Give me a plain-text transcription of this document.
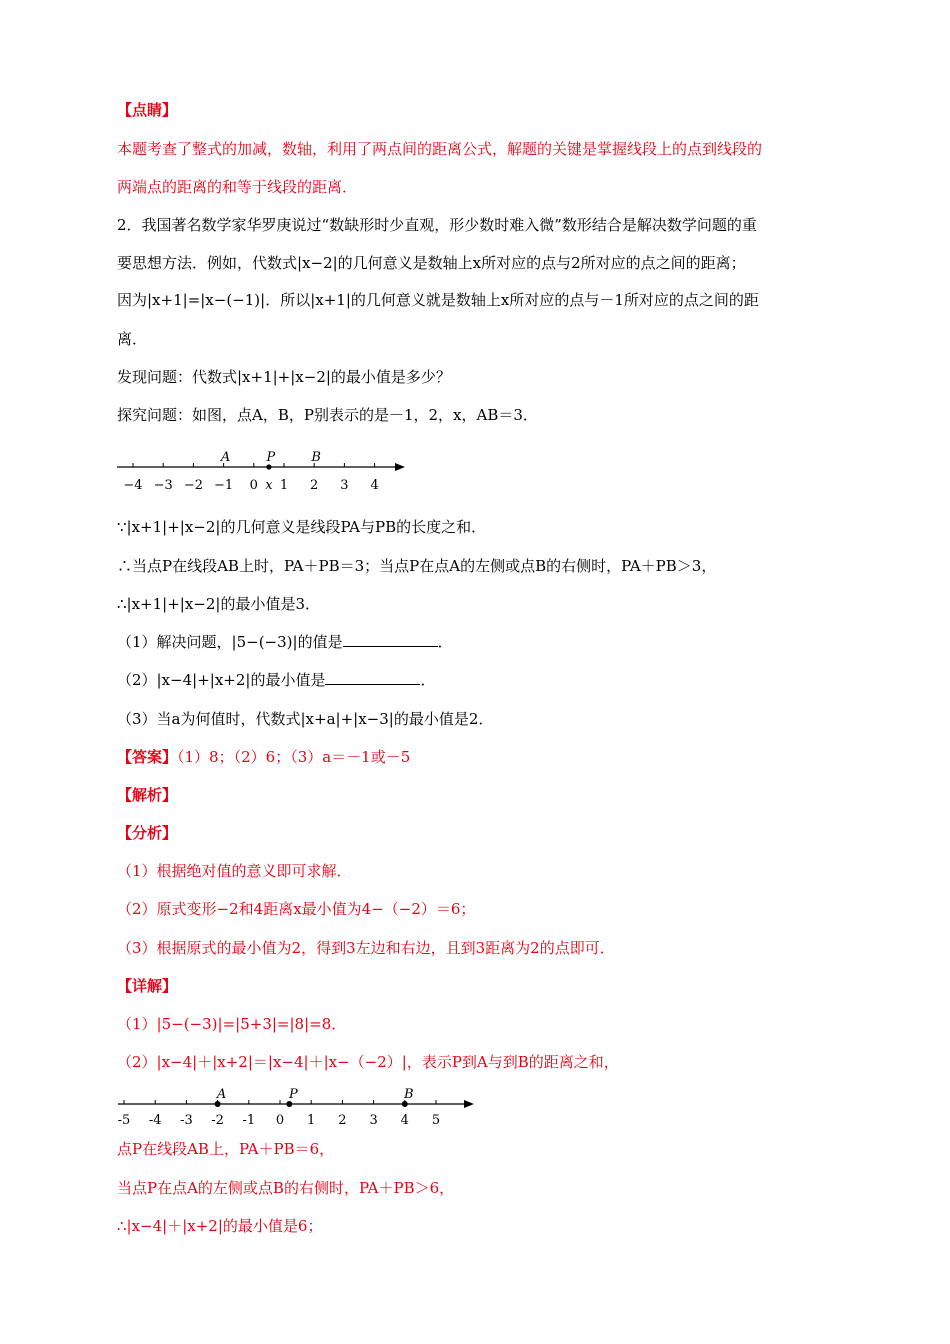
【点睛】
本题考查了整式的加减，数轴，利用了两点间的距离公式，解题的关键是掌握线段上的点到线段的
两端点的距离的和等于线段的距离．
2．我国著名数学家华罗庚说过“数缺形时少直观，形少数时难入微”数形结合是解决数学问题的重
要思想方法．例如，代数式|x−2|的几何意义是数轴上x所对应的点与2所对应的点之间的距离；
因为|x+1|=|x−(−1)|．所以|x+1|的几何意义就是数轴上x所对应的点与－1所对应的点之间的距
离．
发现问题：代数式|x+1|+|x−2|的最小值是多少？
探究问题：如图，点A，B，P别表示的是－1，2，x，AB＝3．
−4 −3 −2 −1 0 1 2 3 4
x
A	P	B
∵|x+1|+|x−2|的几何意义是线段PA与PB的长度之和．
∴当点P在线段AB上时，PA＋PB＝3；当点P在点A的左侧或点B的右侧时，PA＋PB＞3，
∴|x+1|+|x−2|的最小值是3．
（1）解决问题，|5−(−3)|的值是	．
（2）|x−4|+|x+2|的最小值是	．
（3）当a为何值时，代数式|x+a|+|x−3|的最小值是2．
【答案】（1）8；（2）6；（3）a＝－1或－5
【解析】
【分析】
（1）根据绝对值的意义即可求解．
（2）原式变形−2和4距离x最小值为4−（−2）＝6；
（3）根据原式的最小值为2，得到3左边和右边，且到3距离为2的点即可．
【详解】
（1）|5−(−3)|=|5+3|=|8|=8．
（2）|x−4|＋|x+2|＝|x−4|＋|x−（−2）|，表示P到A与到B的距离之和，
-5 -4 -3 -2 -1 0 1 2 3 4 5
A	P	B
点P在线段AB上，PA＋PB＝6，
当点P在点A的左侧或点B的右侧时，PA＋PB＞6，
∴|x−4|＋|x+2|的最小值是6；
